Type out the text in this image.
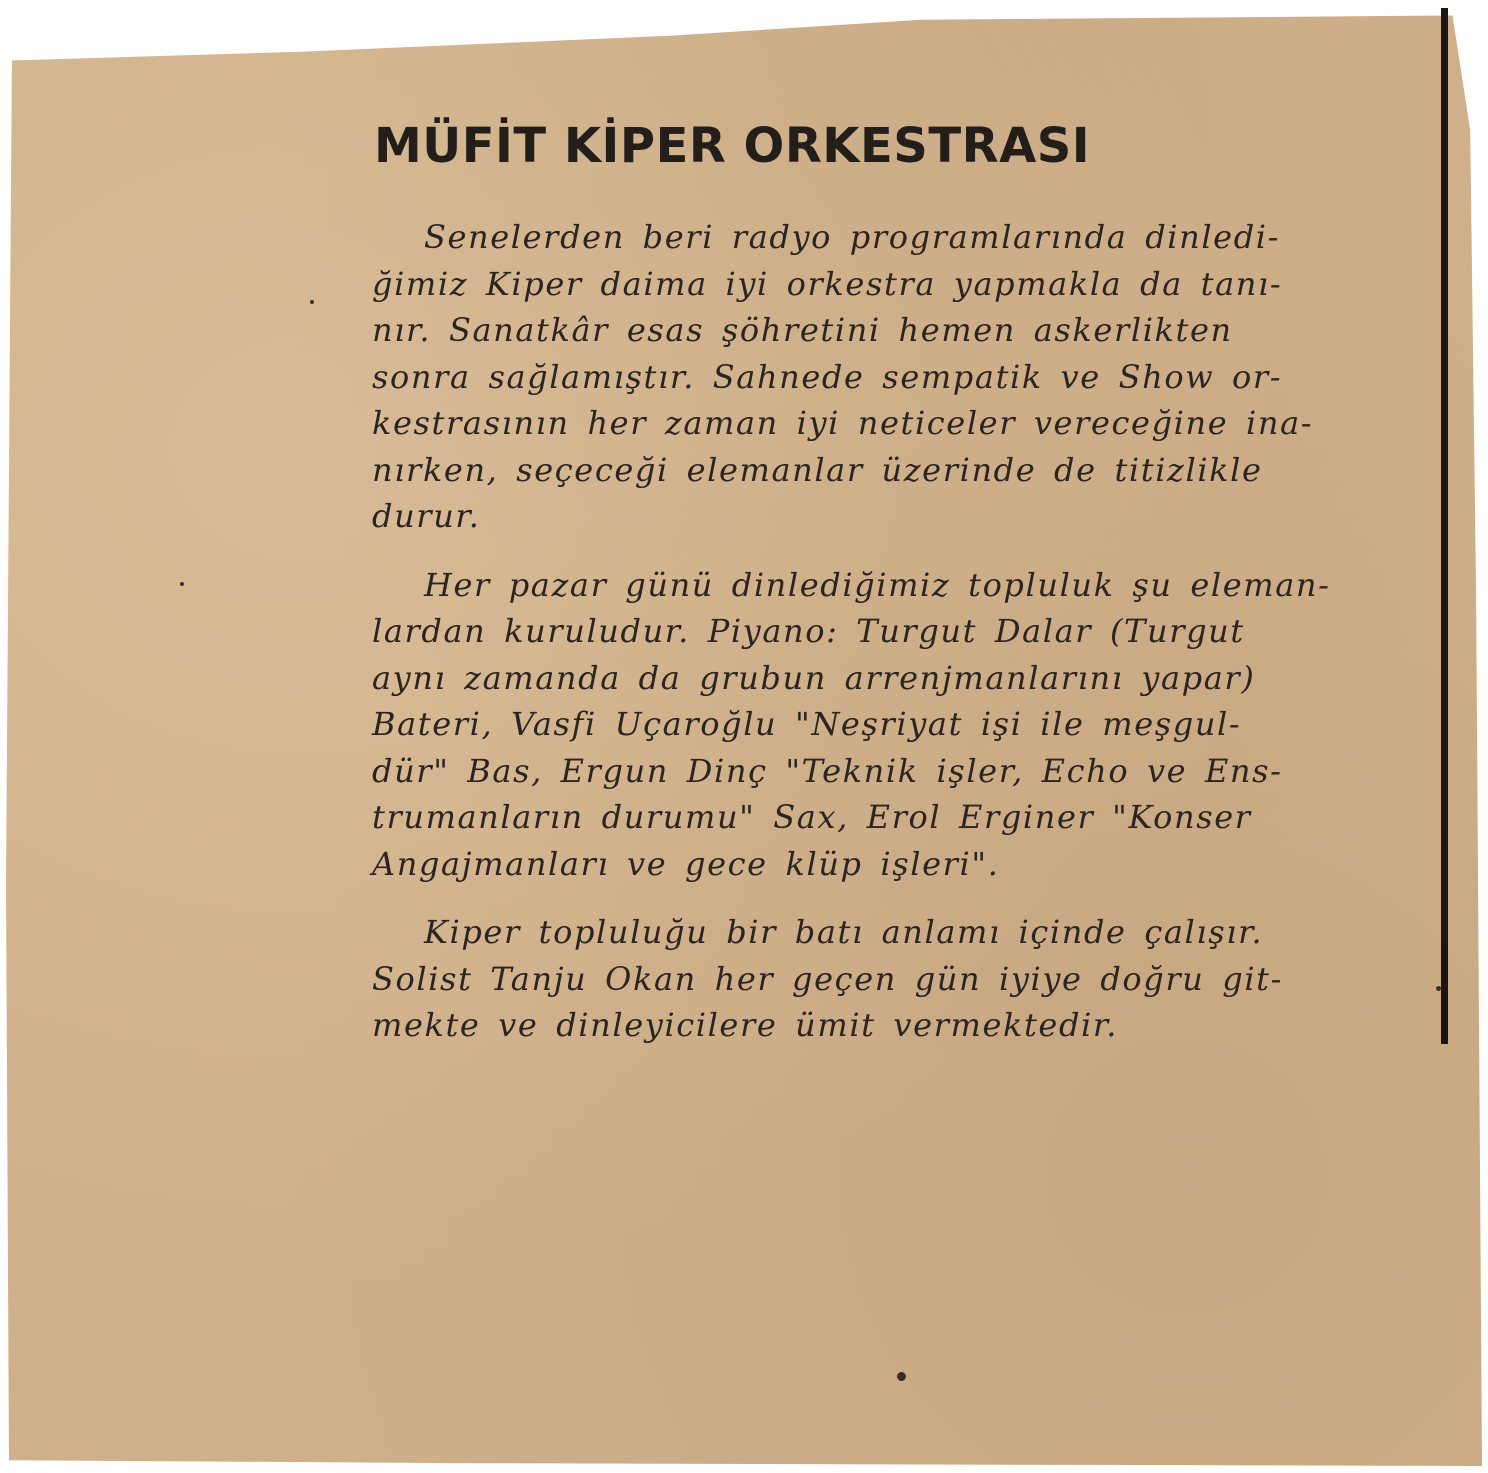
MÜFİT KİPER ORKESTRASI
Senelerden beri radyo programlarında dinledi-
ğimiz Kiper daima iyi orkestra yapmakla da tanı-
nır. Sanatkâr esas şöhretini hemen askerlikten
sonra sağlamıştır. Sahnede sempatik ve Show or-
kestrasının her zaman iyi neticeler vereceğine ina-
nırken, seçeceği elemanlar üzerinde de titizlikle
durur.
Her pazar günü dinlediğimiz topluluk şu eleman-
lardan kuruludur. Piyano: Turgut Dalar (Turgut
aynı zamanda da grubun arrenjmanlarını yapar)
Bateri, Vasfi Uçaroğlu "Neşriyat işi ile meşgul-
dür" Bas, Ergun Dinç "Teknik işler, Echo ve Ens-
trumanların durumu" Sax, Erol Erginer "Konser
Angajmanları ve gece klüp işleri".
Kiper topluluğu bir batı anlamı içinde çalışır.
Solist Tanju Okan her geçen gün iyiye doğru git-
mekte ve dinleyicilere ümit vermektedir.
